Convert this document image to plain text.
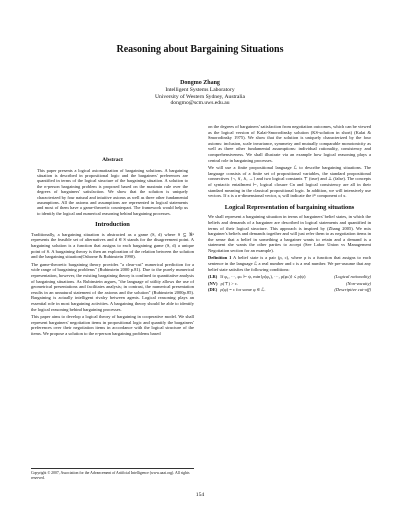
Reasoning about Bargaining Situations
Dongmo Zhang
Intelligent Systems Laboratory
University of Western Sydney, Australia
dongmo@scm.uws.edu.au
Abstract

This paper presents a logical axiomatization of bargaining solutions. A bargaining situation is described in propositional logic and the bargainers' preferences are quantified in terms of the logical structure of the bargaining situation. A solution to the n-person bargaining problem is proposed based on the maximin rule over the degrees of bargainers' satisfaction. We show that the solution is uniquely characterized by four natural and intuitive axioms as well as three other fundamental assumptions. All the axioms and assumptions are represented in logical statements and most of them have a game-theoretic counterpart. The framework would help us to identify the logical and numerical reasoning behind bargaining processes.

Introduction

Traditionally, a bargaining situation is abstracted as a game (S, d) where S ⊆ ℜⁿ represents the feasible set of alternatives and d ∈ S stands for the disagreement point. A bargaining solution is a function that assigns to each bargaining game (S, d) a unique point of S. A bargaining theory is then an exploration of the relation between the solution and the bargaining situation(Osborne & Rubinstein 1990).

The game-theoretic bargaining theory provides "a clear-cut" numerical prediction for a wide range of bargaining problems" (Rubinstein 2000 p.81). Due to the purely numerical representation, however, the existing bargaining theory is confined to quantitative analysis of bargaining situations. As Rubinstein argues, "the language of utility allows the use of geometrical presentations and facilitates analysis; in contrast, the numerical presentation results in an unnatural statement of the axioms and the solution" (Rubinstein 2000p.85). Bargaining is actually intelligent rivalry between agents. Logical reasoning plays an essential role in most bargaining activities. A bargaining theory should be able to identify the logical reasoning behind bargaining processes.

This paper aims to develop a logical theory of bargaining in cooperative model. We shall represent bargainers' negotiation items in propositional logic and quantify the bargainers' preferences over their negotiation items in accordance with the logical structure of the items. We propose a solution to the n-person bargaining problems based

Copyright © 2007, Association for the Advancement of Artificial Intelligence (www.aaai.org). All rights reserved.

on the degrees of bargainers' satisfaction from negotiation outcomes, which can be viewed as the logical version of Kalai-Smorodinsky solution (KS-solution in short) (Kalai & Smorodinsky 1975). We show that the solution is uniquely characterized by the four axioms: inclusion, scale invariance, symmetry and mutually comparable monotonicity as well as three other fundamental assumptions: individual rationality, consistency and comprehensiveness. We shall illustrate via an example how logical reasoning plays a central role in bargaining processes.

We will use a finite propositional language ℒ to describe bargaining situations. The language consists of a finite set of propositional variables, the standard propositional connectives {¬, ∨, ∧, →} and two logical constants ⊤ (true) and ⊥ (false). The concepts of syntactic entailment ⊢, logical closure Cn and logical consistency are all in their standard meaning in the classical propositional logic. In addition, we will intensively use vectors. If x is a n-dimensional vector, xᵢ will indicate the iᵗʰ component of x.

Logical Representation of bargaining situations

We shall represent a bargaining situation in terms of bargainers' belief states, in which the beliefs and demands of a bargainer are described in logical statements and quantified in terms of their logical structure. This approach is inspired by (Zhang 2005). We mix bargainer's beliefs and demands together and will just refer them to as negotiation items in the sense that a belief in something a bargainer wants to retain and a demand is a statement she wants the other parties to accept (See Labor Union vs Management Negotiation section for an example).

Definition 1 A belief state is a pair (ρ, c), where ρ is a function that assigns to each sentence in the language ℒ a real number and c is a real number. We pre-assume that any belief state satisfies the following conditions:

(LR) If φ₁, ···, φₙ ⊢ ψ, min{ρ(φ₁), ···, ρ(φₙ)} ≤ ρ(ψ)	(Logical rationality)
(NV) ρ(⊤) > c.	(Non-vacuity)
(DE) ρ(φ) = c for some φ ∈ ℒ.	(Descriptive cut-off)
154
